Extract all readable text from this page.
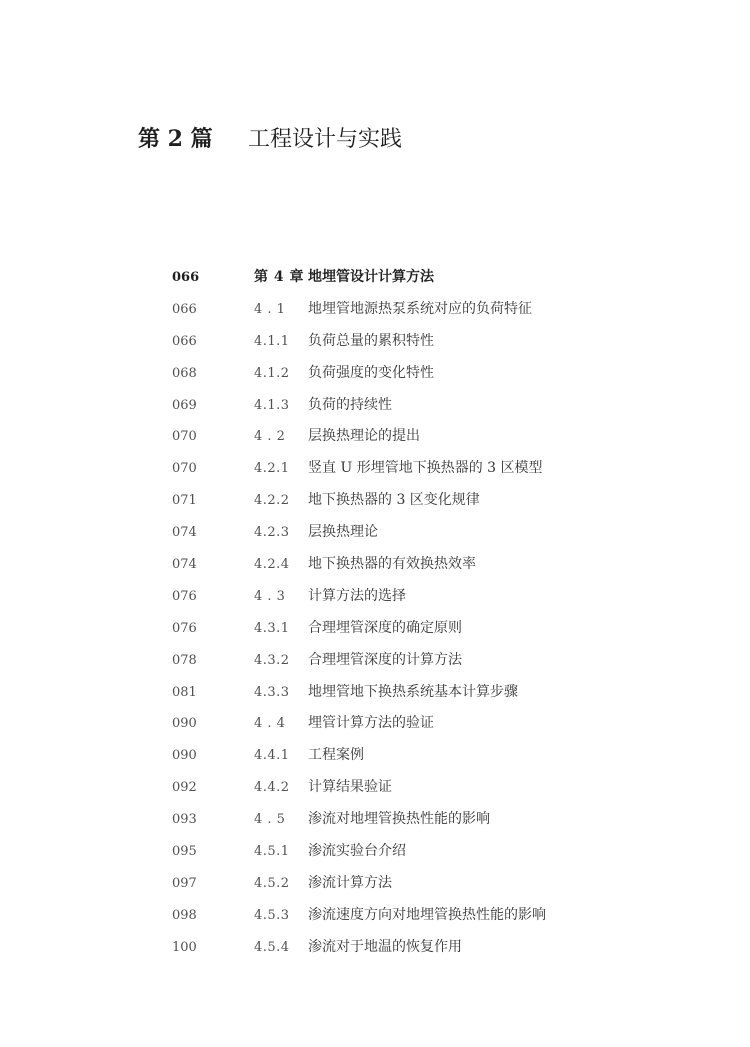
第 2 篇 工程设计与实践
066	第 4 章 地埋管设计计算方法
066	4 . 1	地埋管地源热泵系统对应的负荷特征
066	4.1.1	负荷总量的累积特性
068	4.1.2	负荷强度的变化特性
069	4.1.3	负荷的持续性
070	4 . 2	层换热理论的提出
070	4.2.1	竖直 U 形埋管地下换热器的 3 区模型
071	4.2.2	地下换热器的 3 区变化规律
074	4.2.3	层换热理论
074	4.2.4	地下换热器的有效换热效率
076	4 . 3	计算方法的选择
076	4.3.1	合理埋管深度的确定原则
078	4.3.2	合理埋管深度的计算方法
081	4.3.3	地埋管地下换热系统基本计算步骤
090	4 . 4	埋管计算方法的验证
090	4.4.1	工程案例
092	4.4.2	计算结果验证
093	4 . 5	渗流对地埋管换热性能的影响
095	4.5.1	渗流实验台介绍
097	4.5.2	渗流计算方法
098	4.5.3	渗流速度方向对地埋管换热性能的影响
100	4.5.4	渗流对于地温的恢复作用
